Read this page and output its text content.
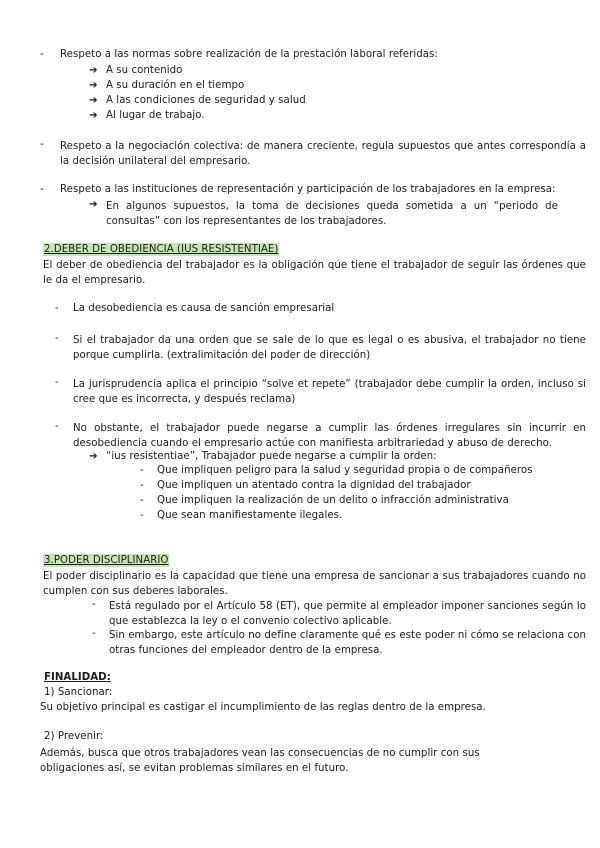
- Respeto a las normas sobre realización de la prestación laboral referidas:
➔ A su contenido
➔ A su duración en el tiempo
➔ A las condiciones de seguridad y salud
➔ Al lugar de trabajo.
- Respeto a la negociación colectiva: de manera creciente, regula supuestos que antes correspondía a la decisión unilateral del empresario.
- Respeto a las instituciones de representación y participación de los trabajadores en la empresa:
➔ En algunos supuestos, la toma de decisiones queda sometida a un “periodo de consultas” con los representantes de los trabajadores.
2.DEBER DE OBEDIENCIA (IUS RESISTENTIAE)
El deber de obediencia del trabajador es la obligación que tiene el trabajador de seguir las órdenes que le da el empresario.
- La desobediencia es causa de sanción empresarial
- Si el trabajador da una orden que se sale de lo que es legal o es abusiva, el trabajador no tiene porque cumplirla. (extralimitación del poder de dirección)
- La jurisprudencia aplica el principio “solve et repete” (trabajador debe cumplir la orden, incluso si cree que es incorrecta, y después reclama)
- No obstante, el trabajador puede negarse a cumplir las órdenes irregulares sin incurrir en desobediencia cuando el empresario actúe con manifiesta arbitrariedad y abuso de derecho.
➔ “ius resistentiae”, Trabajador puede negarse a cumplir la orden:
- Que impliquen peligro para la salud y seguridad propia o de compañeros
- Que impliquen un atentado contra la dignidad del trabajador
- Que impliquen la realización de un delito o infracción administrativa
- Que sean manifiestamente ilegales.
3.PODER DISCIPLINARIO
El poder disciplinario es la capacidad que tiene una empresa de sancionar a sus trabajadores cuando no cumplen con sus deberes laborales.
- Está regulado por el Artículo 58 (ET), que permite al empleador imponer sanciones según lo que establezca la ley o el convenio colectivo aplicable.
- Sin embargo, este artículo no define claramente qué es este poder ni cómo se relaciona con otras funciones del empleador dentro de la empresa.
FINALIDAD:
1) Sancionar:
Su objetivo principal es castigar el incumplimiento de las reglas dentro de la empresa.
2) Prevenir:
Además, busca que otros trabajadores vean las consecuencias de no cumplir con sus obligaciones así, se evitan problemas similares en el futuro.
